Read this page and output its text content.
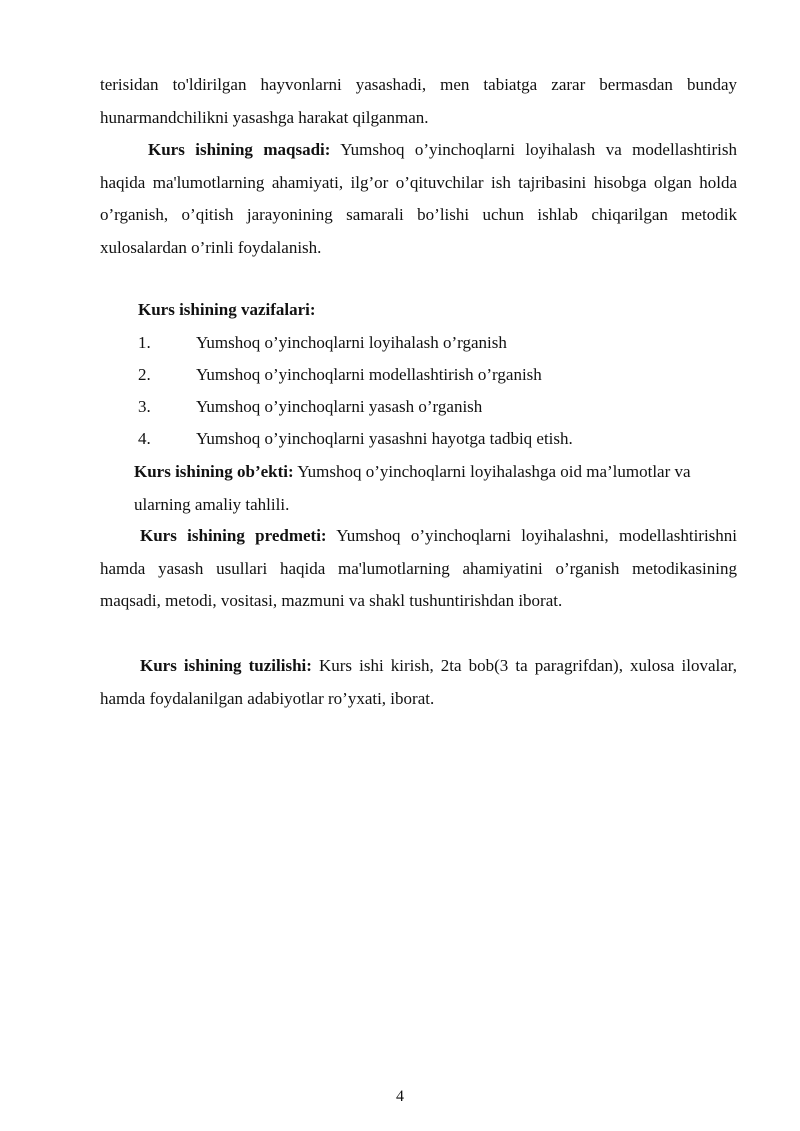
terisidan to'ldirilgan hayvonlarni yasashadi, men tabiatga zarar bermasdan bunday hunarmandchilikni yasashga harakat qilganman.

Kurs ishining maqsadi: Yumshoq o’yinchoqlarni loyihalash va modellashtirish haqida ma'lumotlarning ahamiyati, ilg’or o’qituvchilar ish tajribasini hisobga olgan holda o’rganish, o’qitish jarayonining samarali bo’lishi uchun ishlab chiqarilgan metodik xulosalardan o’rinli foydalanish.

Kurs ishining vazifalari:
1.	Yumshoq o’yinchoqlarni loyihalash o’rganish
2.	Yumshoq o’yinchoqlarni modellashtirish o’rganish
3.	Yumshoq o’yinchoqlarni yasash o’rganish
4.	Yumshoq o’yinchoqlarni yasashni hayotga tadbiq etish.

Kurs ishining ob’ekti: Yumshoq o’yinchoqlarni loyihalashga oid ma’lumotlar va ularning amaliy tahlili.

Kurs ishining predmeti: Yumshoq o’yinchoqlarni loyihalashni, modellashtirishni hamda yasash usullari haqida ma'lumotlarning ahamiyatini o’rganish metodikasining maqsadi, metodi, vositasi, mazmuni va shakl tushuntirishdan iborat.

Kurs ishining tuzilishi: Kurs ishi kirish, 2ta bob(3 ta paragrifdan), xulosa ilovalar, hamda foydalanilgan adabiyotlar ro’yxati, iborat.

4
